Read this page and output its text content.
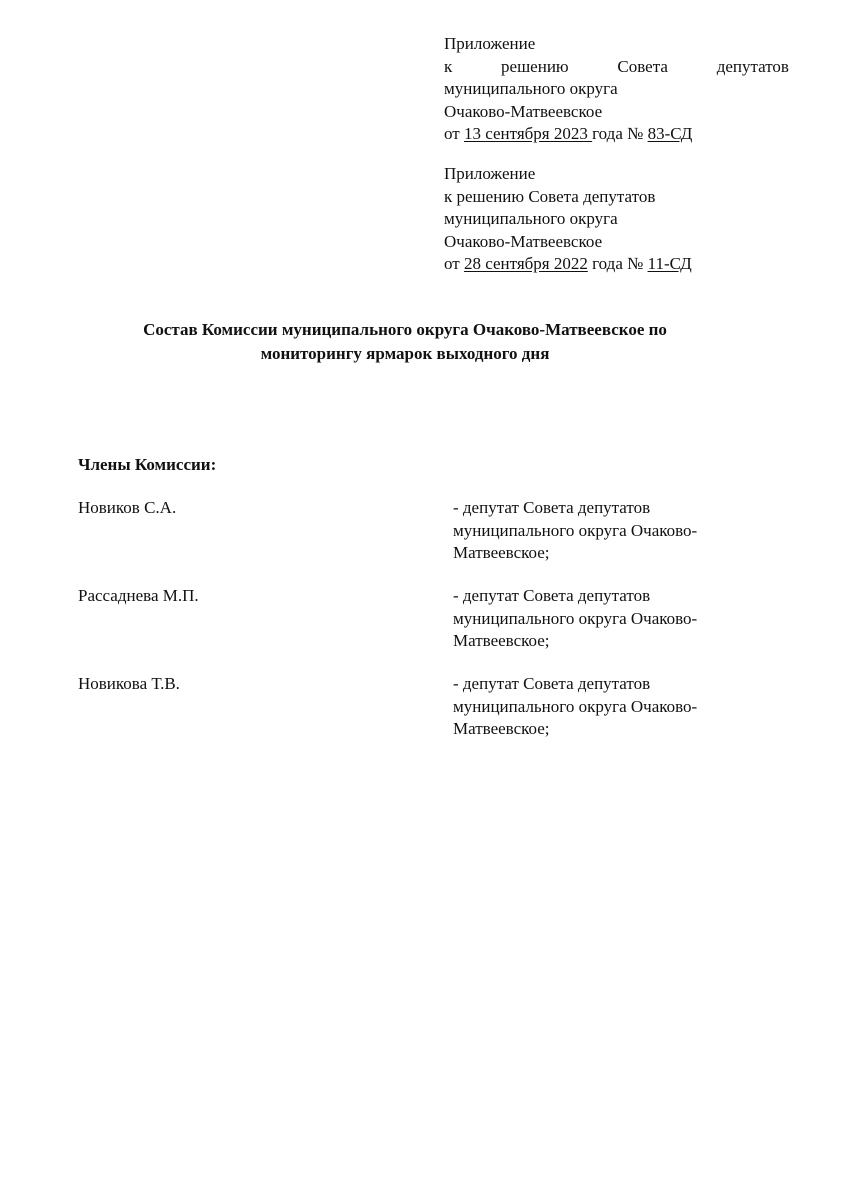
Приложение
к	решению	Совета	депутатов
муниципального округа
Очаково-Матвеевское
от 13 сентября 2023 года № 83-СД
Приложение
к решению Совета депутатов
муниципального округа
Очаково-Матвеевское
от 28 сентября 2022 года № 11-СД
Состав Комиссии муниципального округа Очаково-Матвеевское по
мониторингу ярмарок выходного дня
Члены Комиссии:
Новиков С.А.	- депутат Совета депутатов
муниципального округа Очаково-
Матвеевское;
Рассаднева М.П.	- депутат Совета депутатов
муниципального округа Очаково-
Матвеевское;
Новикова Т.В.	- депутат Совета депутатов
муниципального округа Очаково-
Матвеевское;
